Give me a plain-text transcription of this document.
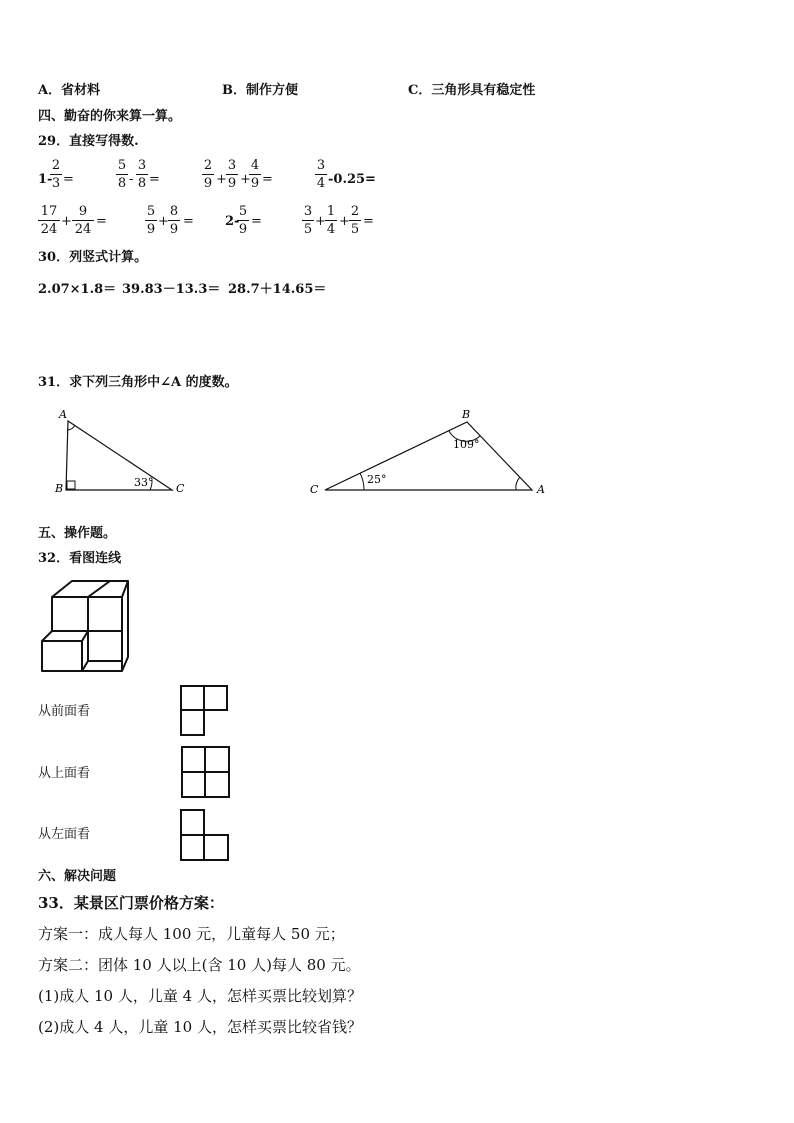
A．省材料	B．制作方便	C．三角形具有稳定性
四、勤奋的你来算一算。
29．直接写得数.
1-
2
3 =
5
8 -
3
8 =
2
9 +
3
9 +
4
9 =
3
4 -0.25=
17
24
+
9
24
=
5
9
+
8
9
= 2-
5
9
=
3
5
+
1
4
+
2
5
=
30．列竖式计算。
2.07×1.8＝ 39.83－13.3＝ 28.7＋14.65＝
31．求下列三角形中∠A 的度数。
A
B	C
33°
B
C	A
109°
25°
五、操作题。
32．看图连线
从前面看
从上面看
从左面看
六、解决问题
33．某景区门票价格方案：
方案一：成人每人 100 元，儿童每人 50 元；
方案二：团体 10 人以上(含 10 人)每人 80 元。
(1)成人 10 人，儿童 4 人，怎样买票比较划算？
(2)成人 4 人，儿童 10 人，怎样买票比较省钱？
